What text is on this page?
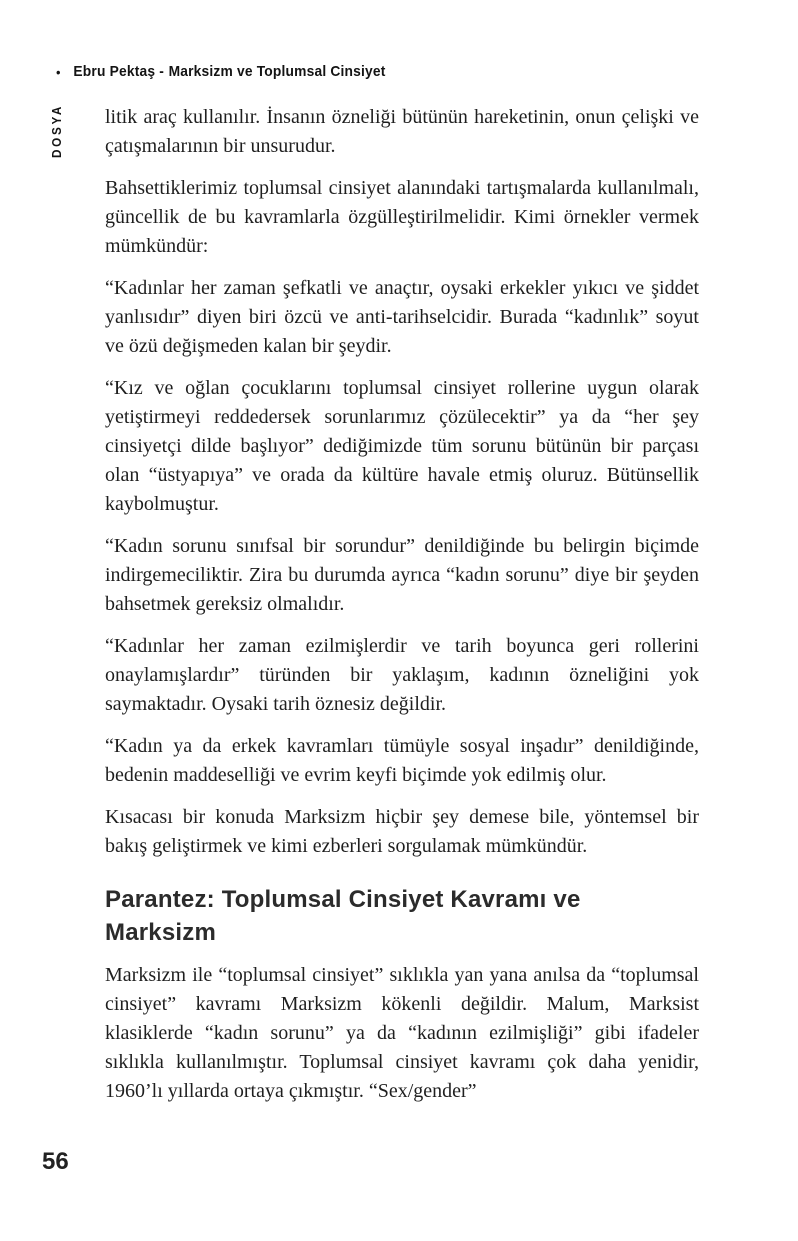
• Ebru Pektaş - Marksizm ve Toplumsal Cinsiyet
DOSYA litik araç kullanılır. İnsanın özneliği bütünün hareketinin, onun çelişki ve çatışmalarının bir unsurudur.

Bahsettiklerimiz toplumsal cinsiyet alanındaki tartışmalarda kullanılmalı, güncellik de bu kavramlarla özgülleştirilmelidir. Kimi örnekler vermek mümkündür:

“Kadınlar her zaman şefkatli ve anaçtır, oysaki erkekler yıkıcı ve şiddet yanlısıdır” diyen biri özcü ve anti-tarihselcidir. Burada “kadınlık” soyut ve özü değişmeden kalan bir şeydir.

“Kız ve oğlan çocuklarını toplumsal cinsiyet rollerine uygun olarak yetiştirmeyi reddedersek sorunlarımız çözülecektir” ya da “her şey cinsiyetçi dilde başlıyor” dediğimizde tüm sorunu bütünün bir parçası olan “üstyapıya” ve orada da kültüre havale etmiş oluruz. Bütünsellik kaybolmuştur.

“Kadın sorunu sınıfsal bir sorundur” denildiğinde bu belirgin biçimde indirgemeciliktir. Zira bu durumda ayrıca “kadın sorunu” diye bir şeyden bahsetmek gereksiz olmalıdır.

“Kadınlar her zaman ezilmişlerdir ve tarih boyunca geri rollerini onaylamışlardır” türünden bir yaklaşım, kadının özneliğini yok saymaktadır. Oysaki tarih öznesiz değildir.

“Kadın ya da erkek kavramları tümüyle sosyal inşadır” denildiğinde, bedenin maddeselliği ve evrim keyfi biçimde yok edilmiş olur.

Kısacası bir konuda Marksizm hiçbir şey demese bile, yöntemsel bir bakış geliştirmek ve kimi ezberleri sorgulamak mümkündür.

Parantez: Toplumsal Cinsiyet Kavramı ve Marksizm

Marksizm ile “toplumsal cinsiyet” sıklıkla yan yana anılsa da “toplumsal cinsiyet” kavramı Marksizm kökenli değildir. Malum, Marksist klasiklerde “kadın sorunu” ya da “kadının ezilmişliği” gibi ifadeler sıklıkla kullanılmıştır. Toplumsal cinsiyet kavramı çok daha yenidir, 1960’lı yıllarda ortaya çıkmıştır. “Sex/gender”

56
